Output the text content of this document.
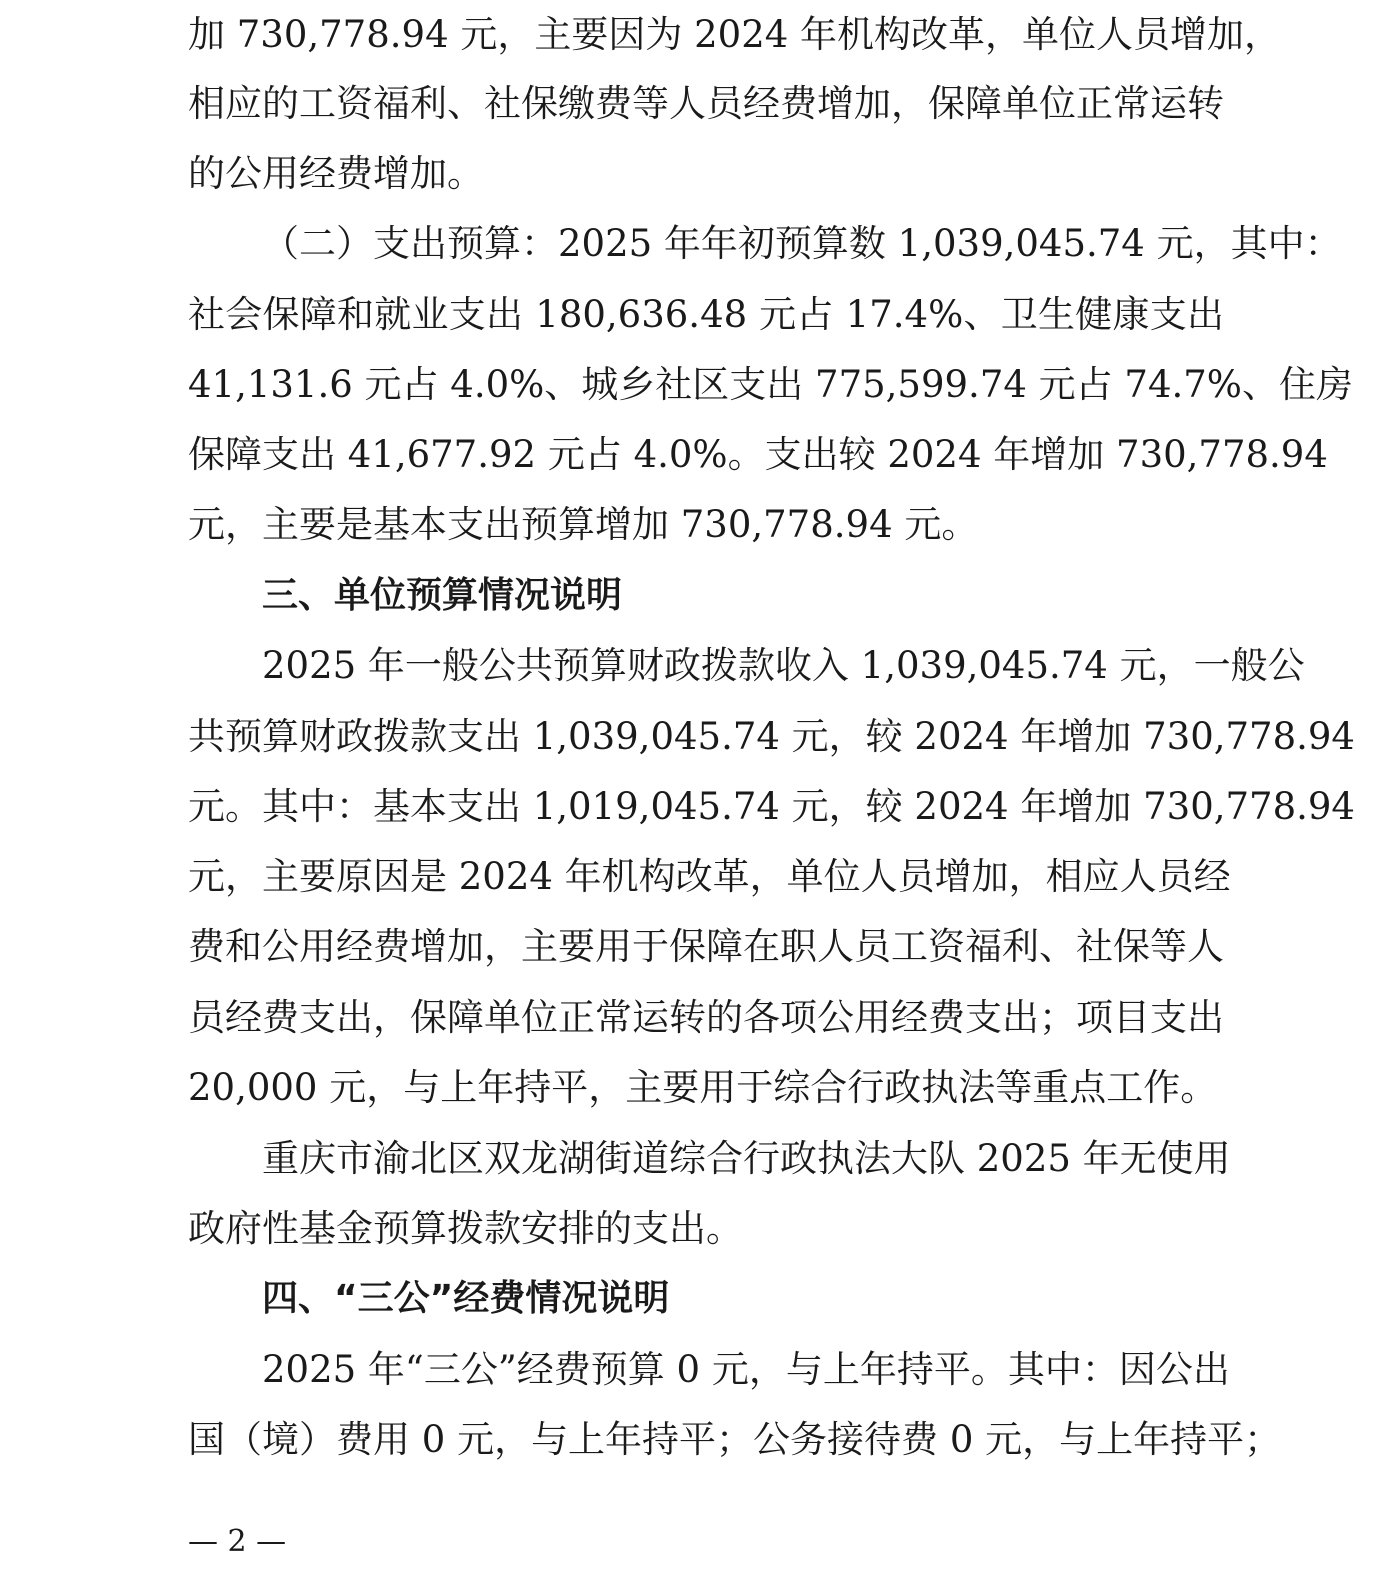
加 730,778.94 元，主要因为 2024 年机构改革，单位人员增加，
相应的工资福利、社保缴费等人员经费增加，保障单位正常运转
的公用经费增加。
（二）支出预算：2025 年年初预算数 1,039,045.74 元，其中：
社会保障和就业支出 180,636.48 元占 17.4%、卫生健康支出
41,131.6 元占 4.0%、城乡社区支出 775,599.74 元占 74.7%、住房
保障支出 41,677.92 元占 4.0%。支出较 2024 年增加 730,778.94
元，主要是基本支出预算增加 730,778.94 元。
三、单位预算情况说明
2025 年一般公共预算财政拨款收入 1,039,045.74 元，一般公
共预算财政拨款支出 1,039,045.74 元，较 2024 年增加 730,778.94
元。其中：基本支出 1,019,045.74 元，较 2024 年增加 730,778.94
元，主要原因是 2024 年机构改革，单位人员增加，相应人员经
费和公用经费增加，主要用于保障在职人员工资福利、社保等人
员经费支出，保障单位正常运转的各项公用经费支出；项目支出
20,000 元，与上年持平，主要用于综合行政执法等重点工作。
重庆市渝北区双龙湖街道综合行政执法大队 2025 年无使用
政府性基金预算拨款安排的支出。
四、“三公”经费情况说明
2025 年“三公”经费预算 0 元，与上年持平。其中：因公出
国（境）费用 0 元，与上年持平；公务接待费 0 元，与上年持平；
— 2 —
